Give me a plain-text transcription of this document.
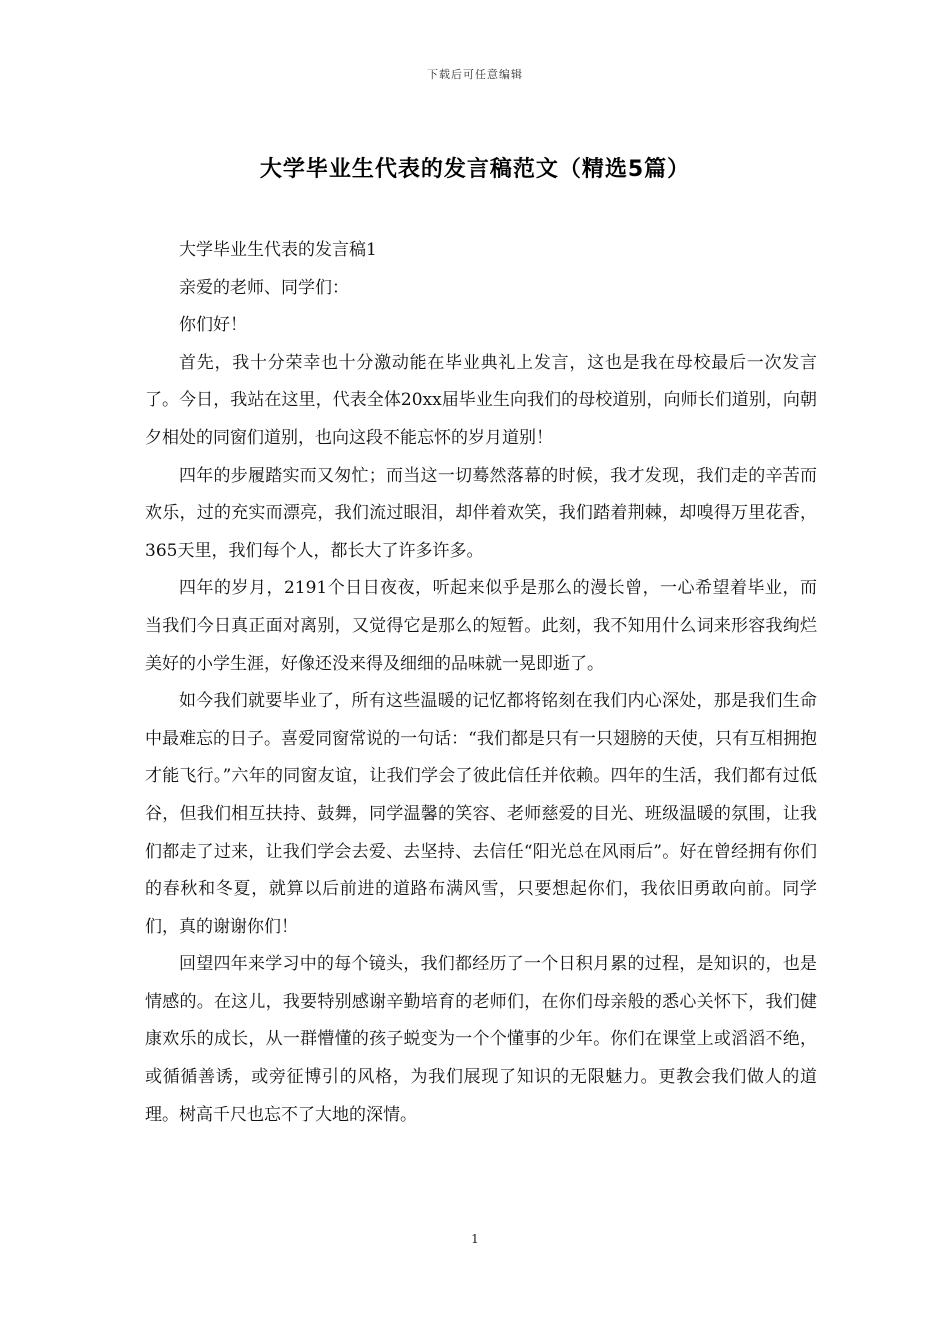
下载后可任意编辑
大学毕业生代表的发言稿范文（精选5篇）

大学毕业生代表的发言稿1

亲爱的老师、同学们：

你们好！

首先，我十分荣幸也十分激动能在毕业典礼上发言，这也是我在母校最后一次发言了。今日，我站在这里，代表全体20xx届毕业生向我们的母校道别，向师长们道别，向朝夕相处的同窗们道别，也向这段不能忘怀的岁月道别！

四年的步履踏实而又匆忙；而当这一切蓦然落幕的时候，我才发现，我们走的辛苦而欢乐，过的充实而漂亮，我们流过眼泪，却伴着欢笑，我们踏着荆棘，却嗅得万里花香，365天里，我们每个人，都长大了许多许多。

四年的岁月，2191个日日夜夜，听起来似乎是那么的漫长曾，一心希望着毕业，而当我们今日真正面对离别，又觉得它是那么的短暂。此刻，我不知用什么词来形容我绚烂美好的小学生涯，好像还没来得及细细的品味就一晃即逝了。

如今我们就要毕业了，所有这些温暖的记忆都将铭刻在我们内心深处，那是我们生命中最难忘的日子。喜爱同窗常说的一句话：“我们都是只有一只翅膀的天使，只有互相拥抱才能飞行。”六年的同窗友谊，让我们学会了彼此信任并依赖。四年的生活，我们都有过低谷，但我们相互扶持、鼓舞，同学温馨的笑容、老师慈爱的目光、班级温暖的氛围，让我们都走了过来，让我们学会去爱、去坚持、去信任“阳光总在风雨后”。好在曾经拥有你们的春秋和冬夏，就算以后前进的道路布满风雪，只要想起你们，我依旧勇敢向前。同学们，真的谢谢你们！

回望四年来学习中的每个镜头，我们都经历了一个日积月累的过程，是知识的，也是情感的。在这儿，我要特别感谢辛勤培育的老师们，在你们母亲般的悉心关怀下，我们健康欢乐的成长，从一群懵懂的孩子蜕变为一个个懂事的少年。你们在课堂上或滔滔不绝，或循循善诱，或旁征博引的风格，为我们展现了知识的无限魅力。更教会我们做人的道理。树高千尺也忘不了大地的深情。

1
